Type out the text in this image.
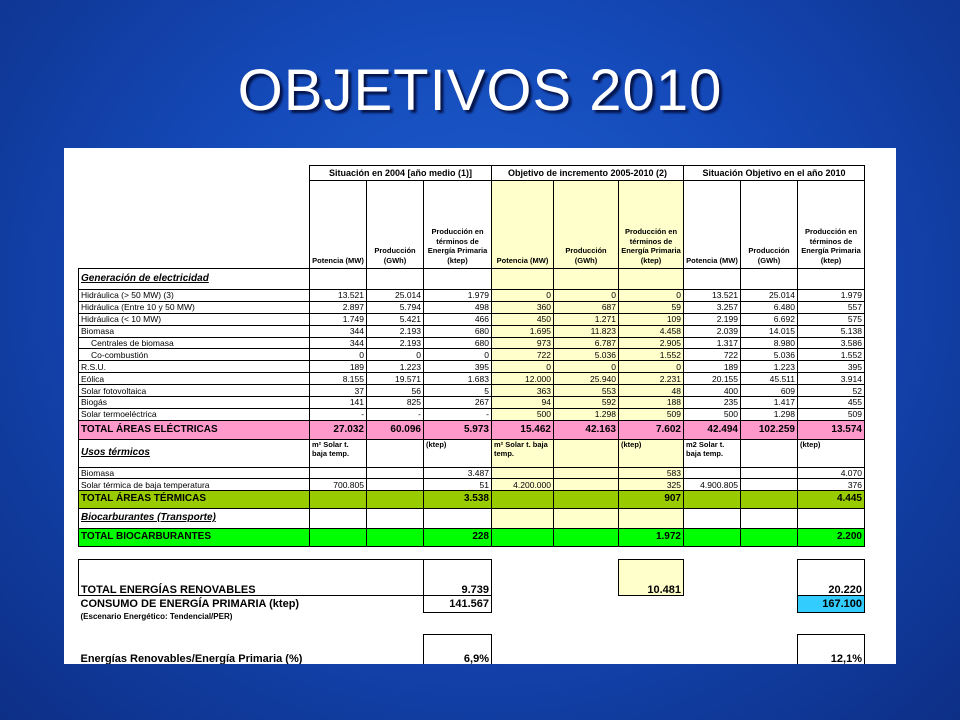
OBJETIVOS 2010
	Situación en 2004 [año medio (1)]			Objetivo de incremento 2005-2010 (2)			Situación Objetivo en el año 2010		
	Potencia (MW)	Producción (GWh)	Producción en términos de Energía Primaria (ktep)	Potencia (MW)	Producción (GWh)	Producción en términos de Energía Primaria (ktep)	Potencia (MW)	Producción (GWh)	Producción en términos de Energía Primaria (ktep)
Generación de electricidad									
Hidráulica (> 50 MW) (3)	13.521	25.014	1.979	0	0	0	13.521	25.014	1.979
Hidráulica (Entre 10 y 50 MW)	2.897	5.794	498	360	687	59	3.257	6.480	557
Hidráulica (< 10 MW)	1.749	5.421	466	450	1.271	109	2.199	6.692	575
Biomasa	344	2.193	680	1.695	11.823	4.458	2.039	14.015	5.138
Centrales de biomasa	344	2.193	680	973	6.787	2.905	1.317	8.980	3.586
Co-combustión	0	0	0	722	5.036	1.552	722	5.036	1.552
R.S.U.	189	1.223	395	0	0	0	189	1.223	395
Eólica	8.155	19.571	1.683	12.000	25.940	2.231	20.155	45.511	3.914
Solar fotovoltaica	37	56	5	363	553	48	400	609	52
Biogás	141	825	267	94	592	188	235	1.417	455
Solar termoeléctrica	-	-	-	500	1.298	509	500	1.298	509
TOTAL ÁREAS ELÉCTRICAS	27.032	60.096	5.973	15.462	42.163	7.602	42.494	102.259	13.574
Usos térmicos	m² Solar t. baja temp.		(ktep)	m² Solar t. baja temp.		(ktep)	m2 Solar t. baja temp.		(ktep)
Biomasa			3.487			583			4.070
Solar térmica de baja temperatura	700.805		51	4.200.000		325	4.900.805		376
TOTAL ÁREAS TÉRMICAS			3.538			907			4.445
Biocarburantes (Transporte)									
TOTAL BIOCARBURANTES			228			1.972			2.200

TOTAL ENERGÍAS RENOVABLES			9.739			10.481			20.220
CONSUMO DE ENERGÍA PRIMARIA (ktep)			141.567						167.100
(Escenario Energético: Tendencial/PER)									

Energías Renovables/Energía Primaria (%)			6,9%						12,1%
